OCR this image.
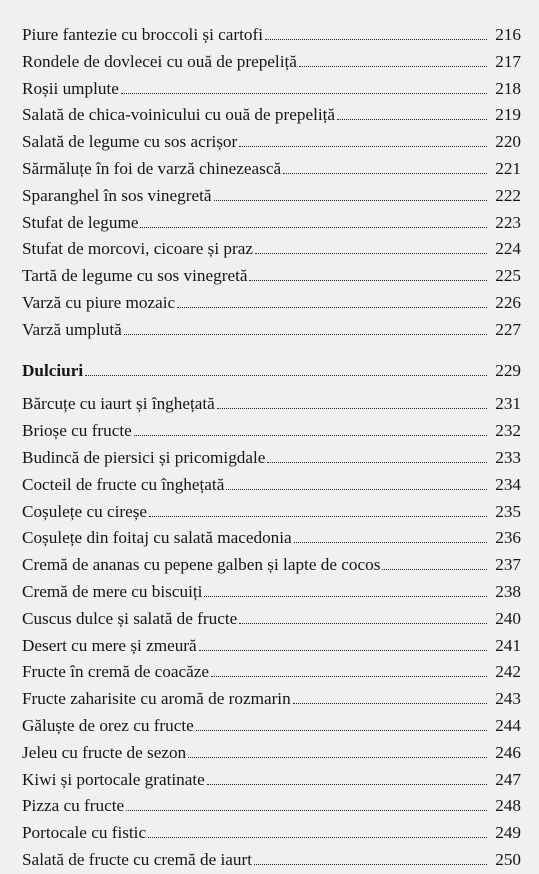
Piure fantezie cu broccoli și cartofi	216
Rondele de dovlecei cu ouă de prepeliță	217
Roșii umplute	218
Salată de chica-voinicului cu ouă de prepeliță	219
Salată de legume cu sos acrișor	220
Sărmăluțe în foi de varză chinezească	221
Sparanghel în sos vinegretă	222
Stufat de legume	223
Stufat de morcovi, cicoare și praz	224
Tartă de legume cu sos vinegretă	225
Varză cu piure mozaic	226
Varză umplută	227
Dulciuri	229
Bărcuțe cu iaurt și înghețată	231
Brioșe cu fructe	232
Budincă de piersici și pricomigdale	233
Cocteil de fructe cu înghețată	234
Coșulețe cu cireșe	235
Coșulețe din foitaj cu salată macedonia	236
Cremă de ananas cu pepene galben și lapte de cocos	237
Cremă de mere cu biscuiți	238
Cuscus dulce și salată de fructe	240
Desert cu mere și zmeură	241
Fructe în cremă de coacăze	242
Fructe zaharisite cu aromă de rozmarin	243
Găluște de orez cu fructe	244
Jeleu cu fructe de sezon	246
Kiwi și portocale gratinate	247
Pizza cu fructe	248
Portocale cu fistic	249
Salată de fructe cu cremă de iaurt	250
